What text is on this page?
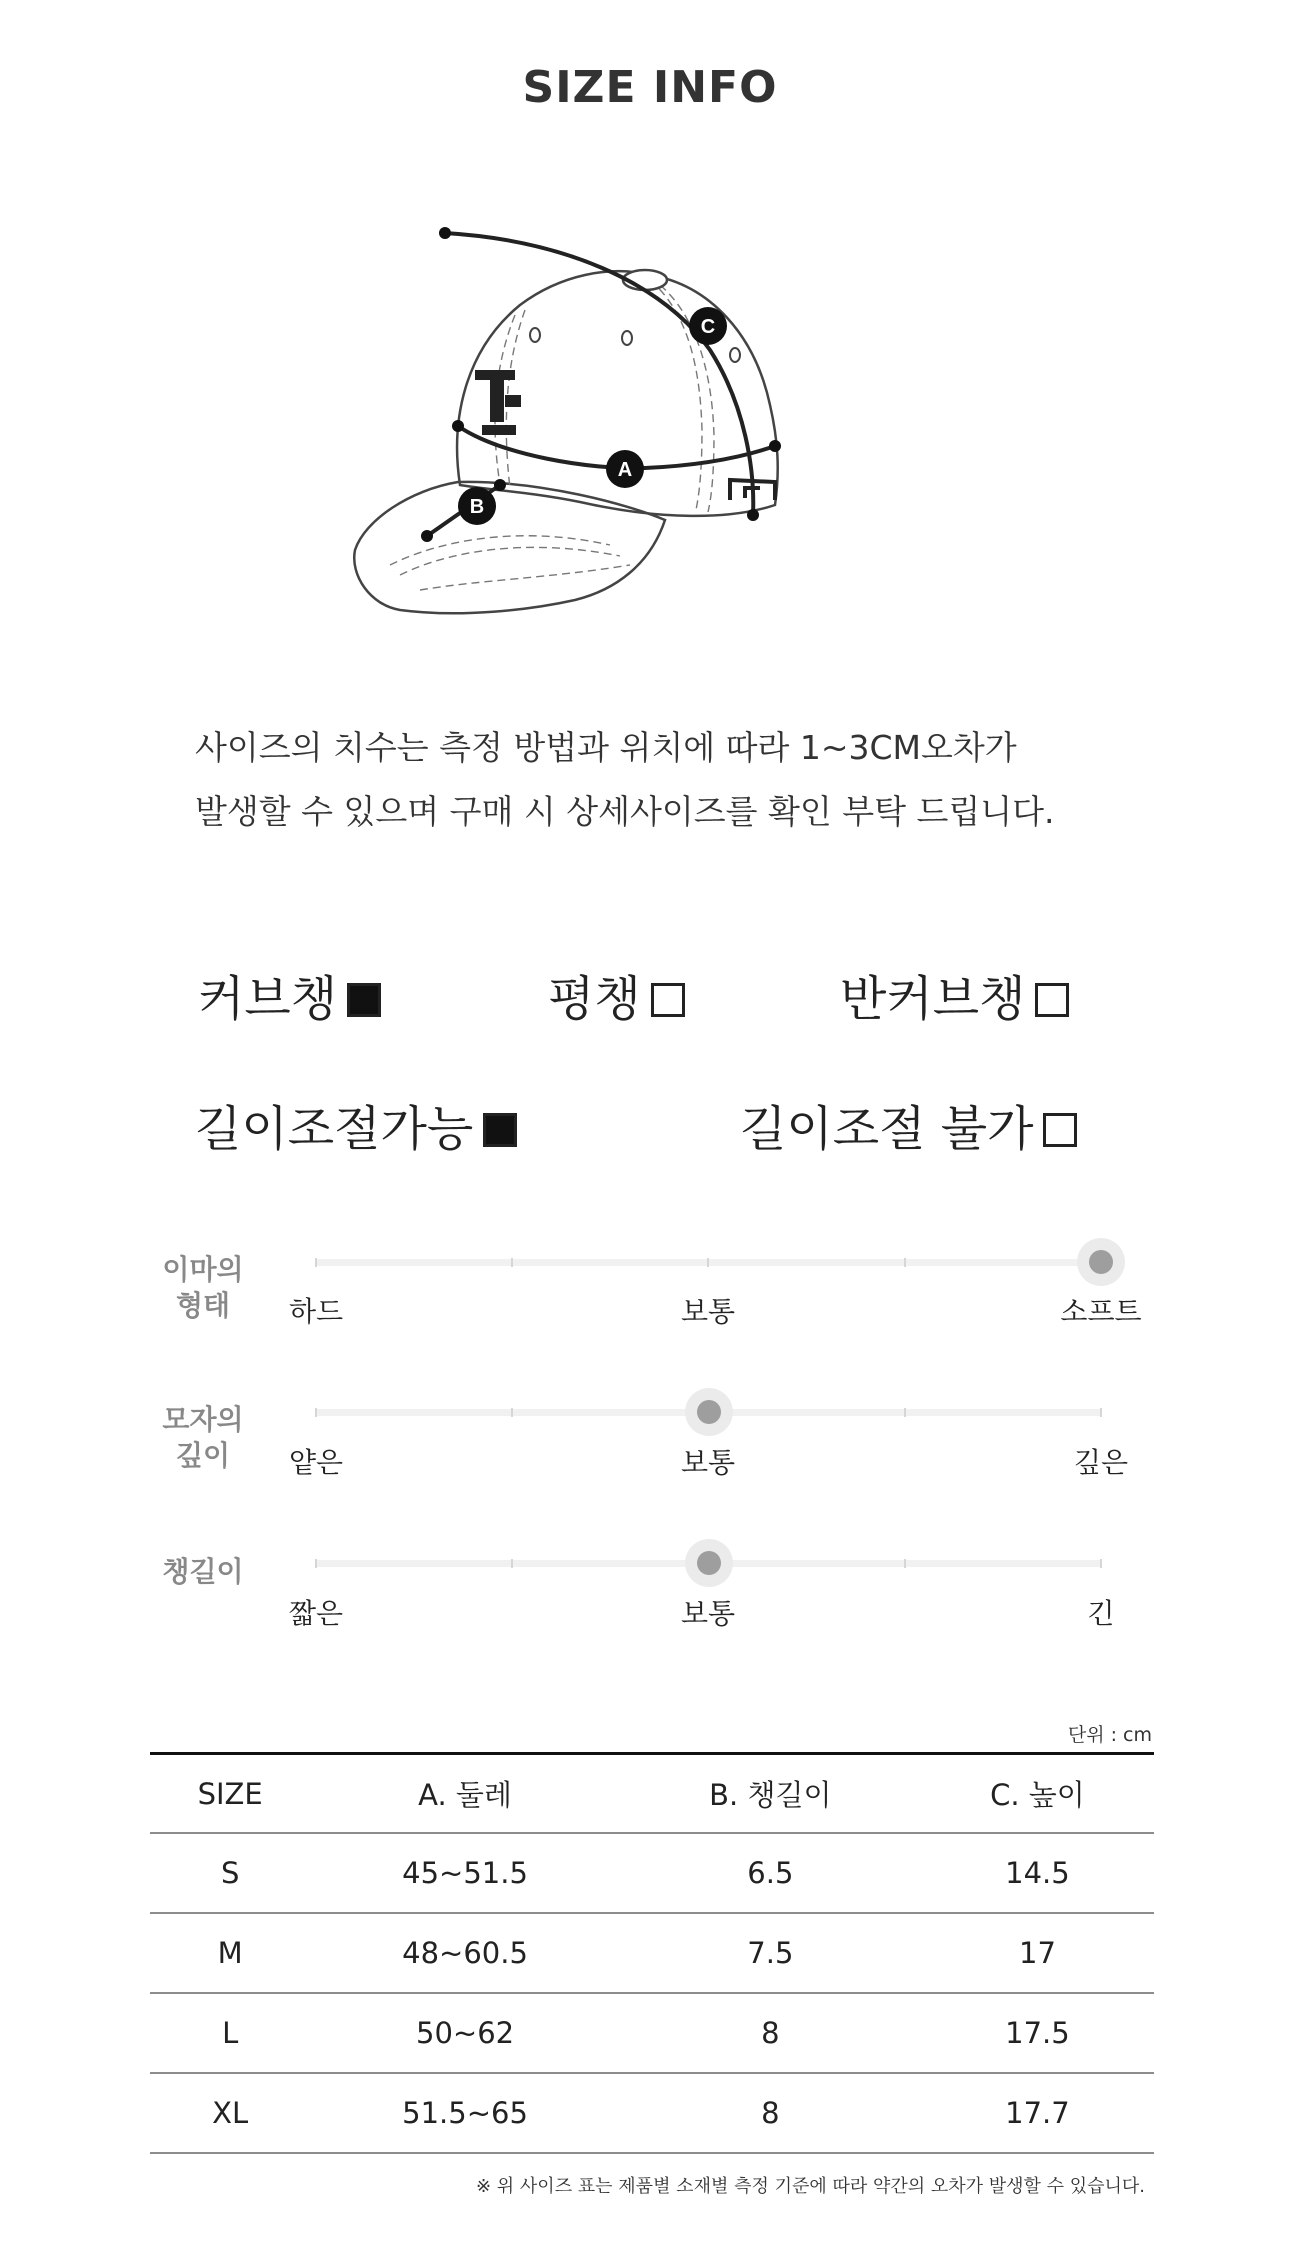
SIZE INFO
A
B
C
사이즈의 치수는 측정 방법과 위치에 따라 1~3CM오차가
발생할 수 있으며 구매 시 상세사이즈를 확인 부탁 드립니다.
커브챙	평챙	반커브챙
길이조절가능	길이조절 불가
이마의
형태	하드	보통	소프트
모자의
깊이	얕은	보통	깊은
챙길이
짧은	보통	긴
단위 : cm
SIZE	A. 둘레	B. 챙길이	C. 높이
S	45~51.5	6.5	14.5
M	48~60.5	7.5	17
L	50~62	8	17.5
XL	51.5~65	8	17.7
※ 위 사이즈 표는 제품별 소재별 측정 기준에 따라 약간의 오차가 발생할 수 있습니다.
